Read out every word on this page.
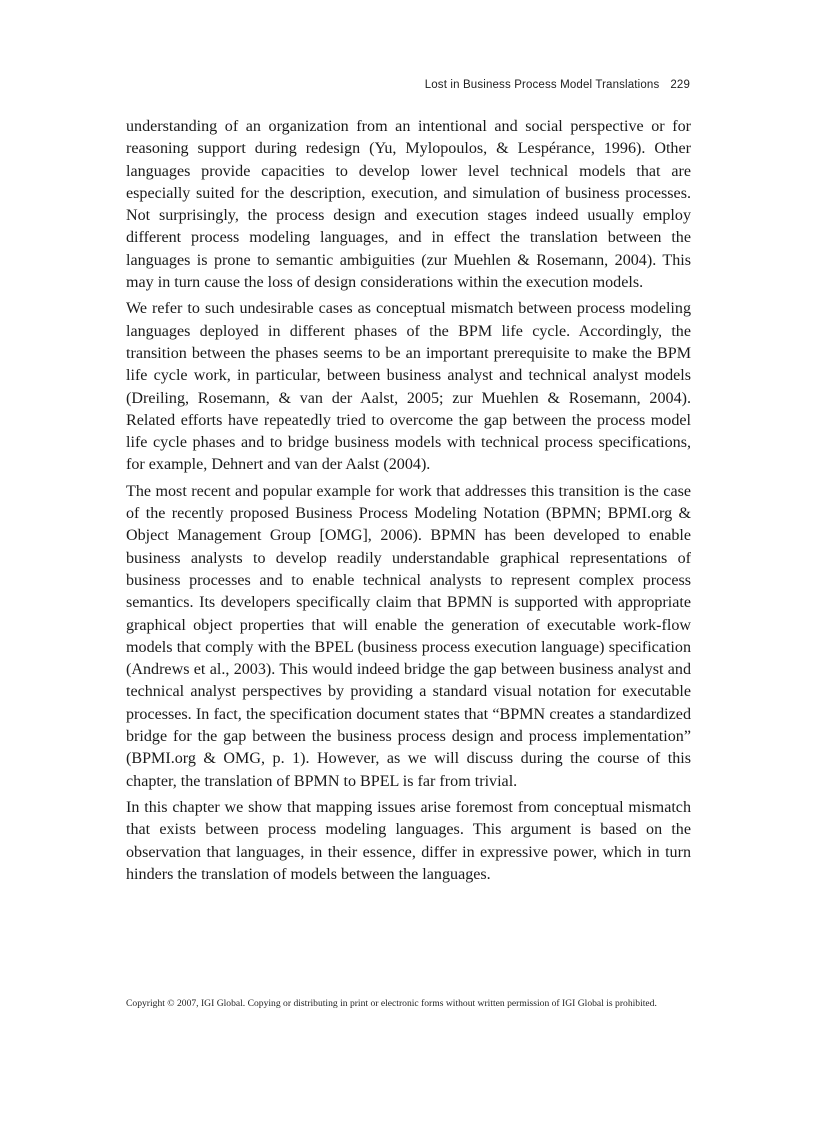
Lost in Business Process Model Translations 229

understanding of an organization from an intentional and social perspective or for reasoning support during redesign (Yu, Mylopoulos, & Lespérance, 1996). Other languages provide capacities to develop lower level technical models that are especially suited for the description, execution, and simulation of business processes. Not surprisingly, the process design and execution stages indeed usually employ different process modeling languages, and in effect the translation between the languages is prone to semantic ambiguities (zur Muehlen & Rosemann, 2004). This may in turn cause the loss of design considerations within the execution models.

We refer to such undesirable cases as conceptual mismatch between process modeling languages deployed in different phases of the BPM life cycle. Accordingly, the transition between the phases seems to be an important prerequisite to make the BPM life cycle work, in particular, between business analyst and technical analyst models (Dreiling, Rosemann, & van der Aalst, 2005; zur Muehlen & Rosemann, 2004). Related efforts have repeatedly tried to overcome the gap between the process model life cycle phases and to bridge business models with technical process specifications, for example, Dehnert and van der Aalst (2004).

The most recent and popular example for work that addresses this transition is the case of the recently proposed Business Process Modeling Notation (BPMN; BPMI.org & Object Management Group [OMG], 2006). BPMN has been developed to enable business analysts to develop readily understandable graphical representations of business processes and to enable technical analysts to represent complex process semantics. Its developers specifically claim that BPMN is supported with appropriate graphical object properties that will enable the generation of executable work-flow models that comply with the BPEL (business process execution language) specification (Andrews et al., 2003). This would indeed bridge the gap between business analyst and technical analyst perspectives by providing a standard visual notation for executable processes. In fact, the specification document states that “BPMN creates a standardized bridge for the gap between the business process design and process implementation” (BPMI.org & OMG, p. 1). However, as we will discuss during the course of this chapter, the translation of BPMN to BPEL is far from trivial.

In this chapter we show that mapping issues arise foremost from conceptual mismatch that exists between process modeling languages. This argument is based on the observation that languages, in their essence, differ in expressive power, which in turn hinders the translation of models between the languages.

Copyright © 2007, IGI Global. Copying or distributing in print or electronic forms without written permission of IGI Global is prohibited.
